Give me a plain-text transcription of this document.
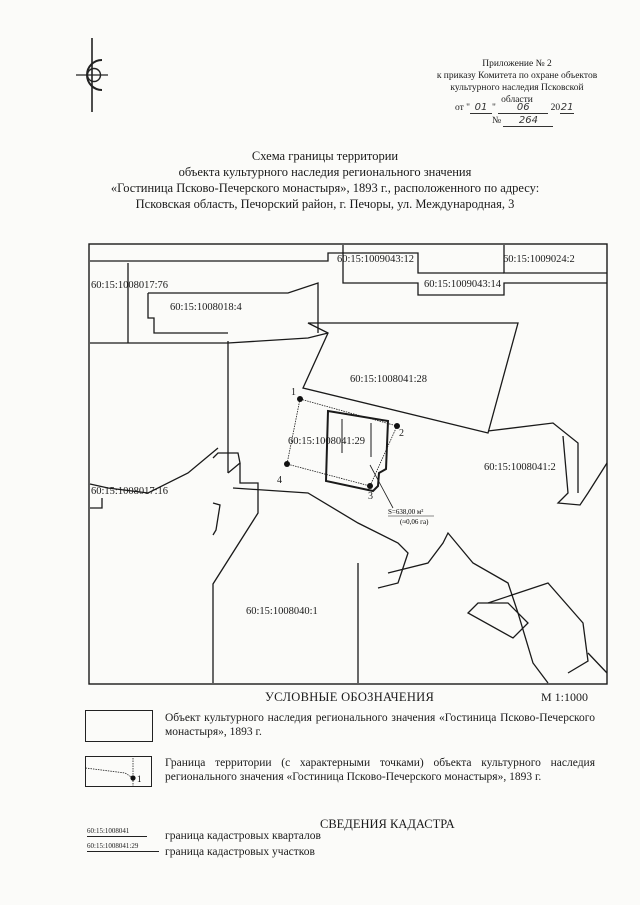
Приложение № 2
к приказу Комитета по охране объектов
культурного наследия Псковской
области
от " 01 " 06 2021
№ 264
Схема границы территории
объекта культурного наследия регионального значения
«Гостиница Псково-Печерского монастыря», 1893 г., расположенного по адресу:
Псковская область, Печорский район, г. Печоры, ул. Международная, 3
1
2
3
4
S=638,00 м²
(≈0,06 га)
60:15:1009043:12	60:15:1009024:2
60:15:1008017:76	60:15:1009043:14
60:15:1008018:4
60:15:1008041:28
60:15:1008041:29
60:15:1008041:2
60:15:1008017:16
60:15:1008040:1
УСЛОВНЫЕ ОБОЗНАЧЕНИЯ	М 1:1000
Объект культурного наследия регионального значения «Гостиница Псково-Печерского монастыря», 1893 г.
1
Граница территории (с характерными точками) объекта культурного наследия регионального значения «Гостиница Псково-Печерского монастыря», 1893 г.
СВЕДЕНИЯ КАДАСТРА
60:15:1008041	граница кадастровых кварталов
60:15:1008041:29	граница кадастровых участков
